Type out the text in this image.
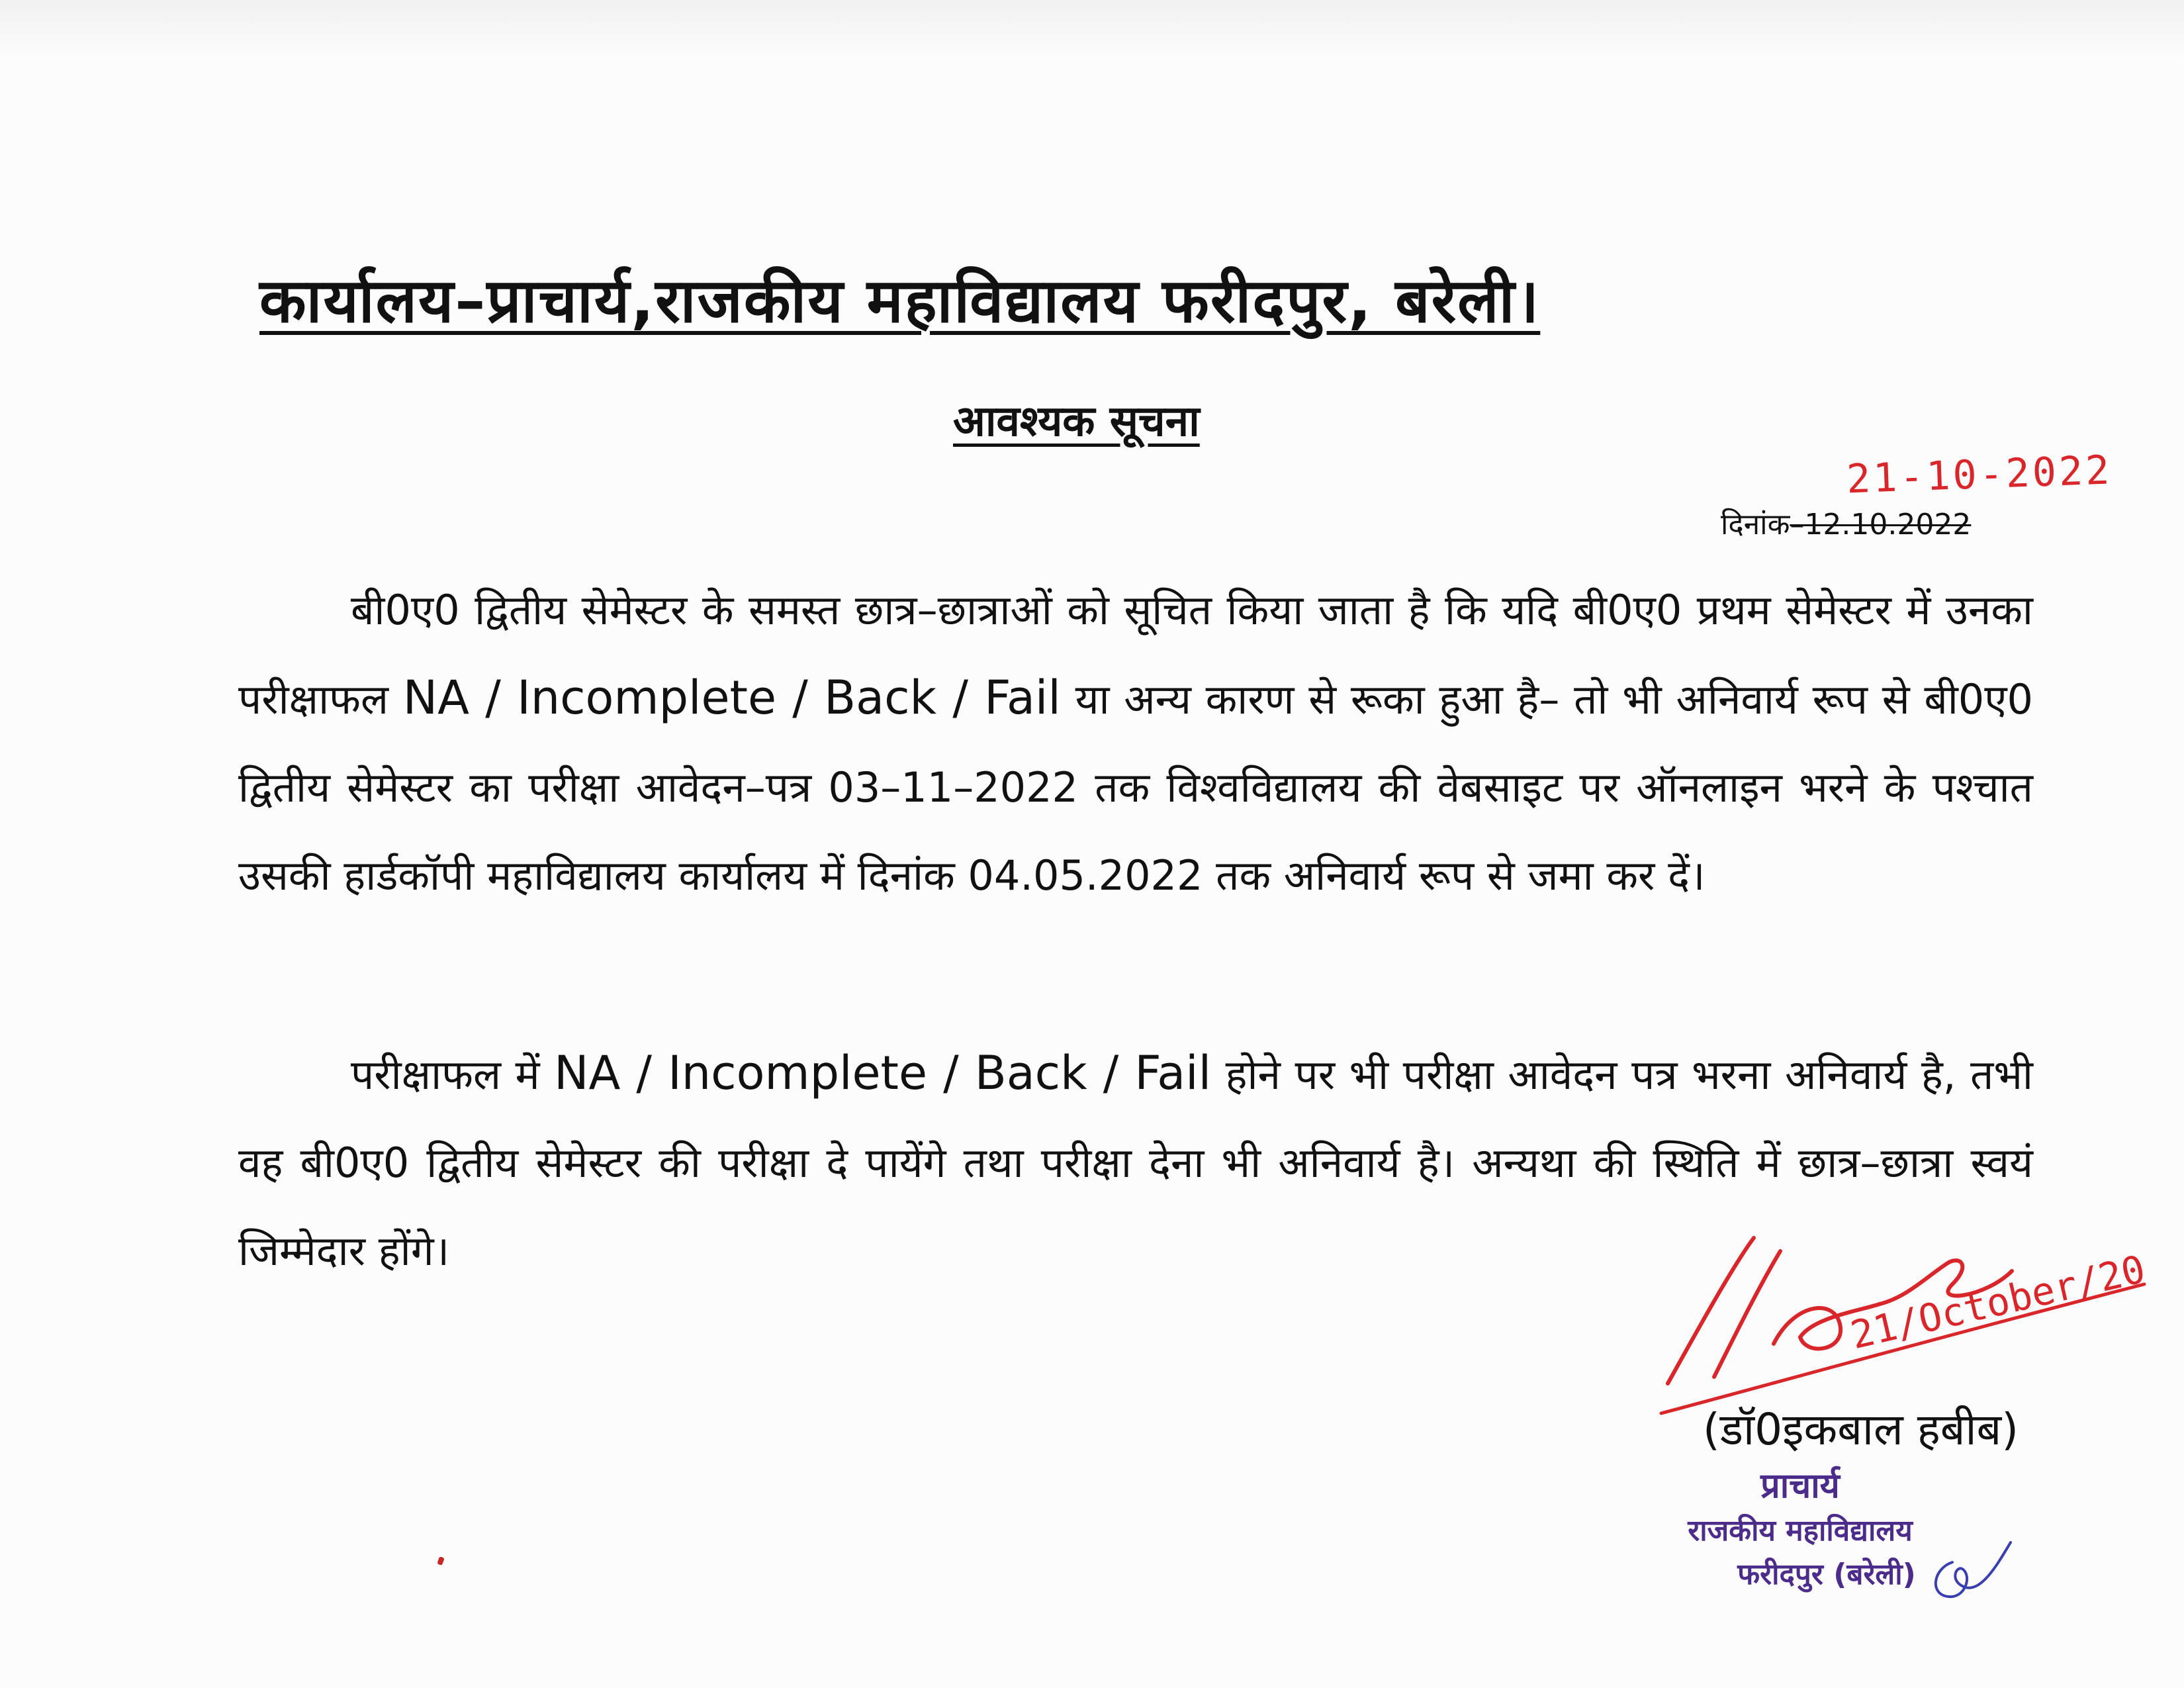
कार्यालय–प्राचार्य,राजकीय महाविद्यालय फरीदपुर, बरेली।
आवश्यक सूचना
21-10-2022
दिनांक–12.10.2022
बी0ए0 द्वितीय सेमेस्टर के समस्त छात्र–छात्राओं को सूचित किया जाता है कि यदि बी0ए0 प्रथम सेमेस्टर में उनका परीक्षाफल NA / Incomplete / Back / Fail या अन्य कारण से रूका हुआ है– तो भी अनिवार्य रूप से बी0ए0 द्वितीय सेमेस्टर का परीक्षा आवेदन–पत्र 03–11–2022 तक विश्वविद्यालय की वेबसाइट पर ऑनलाइन भरने के पश्चात उसकी हार्डकॉपी महाविद्यालय कार्यालय में दिनांक 04.05.2022 तक अनिवार्य रूप से जमा कर दें।
परीक्षाफल में NA / Incomplete / Back / Fail होने पर भी परीक्षा आवेदन पत्र भरना अनिवार्य है, तभी वह बी0ए0 द्वितीय सेमेस्टर की परीक्षा दे पायेंगे तथा परीक्षा देना भी अनिवार्य है। अन्यथा की स्थिति में छात्र–छात्रा स्वयं जिम्मेदार होंगे।	21/October/20
(डॉ0इकबाल हबीब)
प्राचार्य
राजकीय महाविद्यालय
फरीदपुर (बरेली)
